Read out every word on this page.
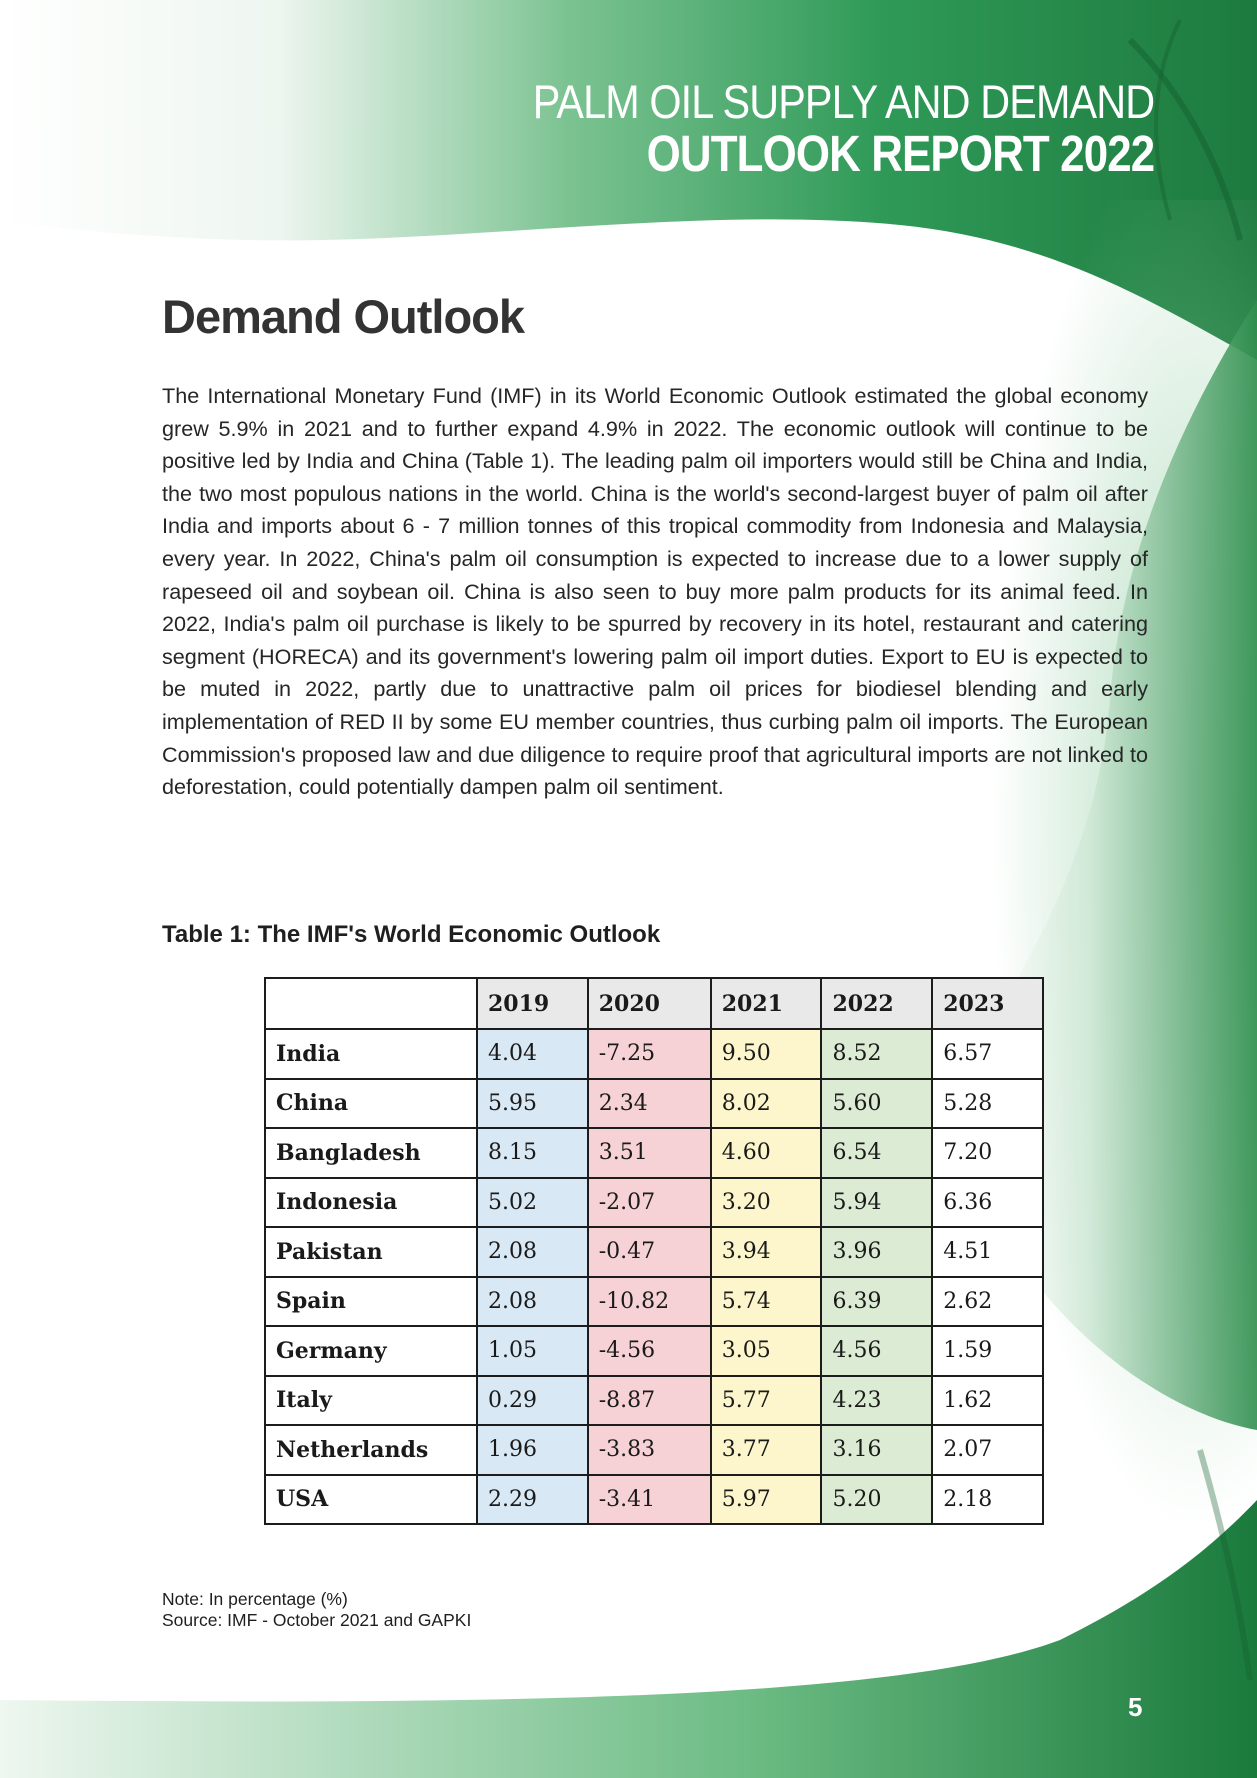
PALM OIL SUPPLY AND DEMAND
OUTLOOK REPORT 2022
Demand Outlook

The International Monetary Fund (IMF) in its World Economic Outlook estimated the global economy grew 5.9% in 2021 and to further expand 4.9% in 2022. The economic outlook will continue to be positive led by India and China (Table 1). The leading palm oil importers would still be China and India, the two most populous nations in the world. China is the world's second-largest buyer of palm oil after India and imports about 6 - 7 million tonnes of this tropical commodity from Indonesia and Malaysia, every year. In 2022, China's palm oil consumption is expected to increase due to a lower supply of rapeseed oil and soybean oil. China is also seen to buy more palm products for its animal feed. In 2022, India's palm oil purchase is likely to be spurred by recovery in its hotel, restaurant and catering segment (HORECA) and its government's lowering palm oil import duties. Export to EU is expected to be muted in 2022, partly due to unattractive palm oil prices for biodiesel blending and early implementation of RED II by some EU member countries, thus curbing palm oil imports. The European Commission's proposed law and due diligence to require proof that agricultural imports are not linked to deforestation, could potentially dampen palm oil sentiment.

Table 1: The IMF's World Economic Outlook
	2019	2020	2021	2022	2023
India	4.04	-7.25	9.50	8.52	6.57
China	5.95	2.34	8.02	5.60	5.28
Bangladesh	8.15	3.51	4.60	6.54	7.20
Indonesia	5.02	-2.07	3.20	5.94	6.36
Pakistan	2.08	-0.47	3.94	3.96	4.51
Spain	2.08	-10.82	5.74	6.39	2.62
Germany	1.05	-4.56	3.05	4.56	1.59
Italy	0.29	-8.87	5.77	4.23	1.62
Netherlands	1.96	-3.83	3.77	3.16	2.07
USA	2.29	-3.41	5.97	5.20	2.18
Note: In percentage (%)
Source: IMF - October 2021 and GAPKI
5
